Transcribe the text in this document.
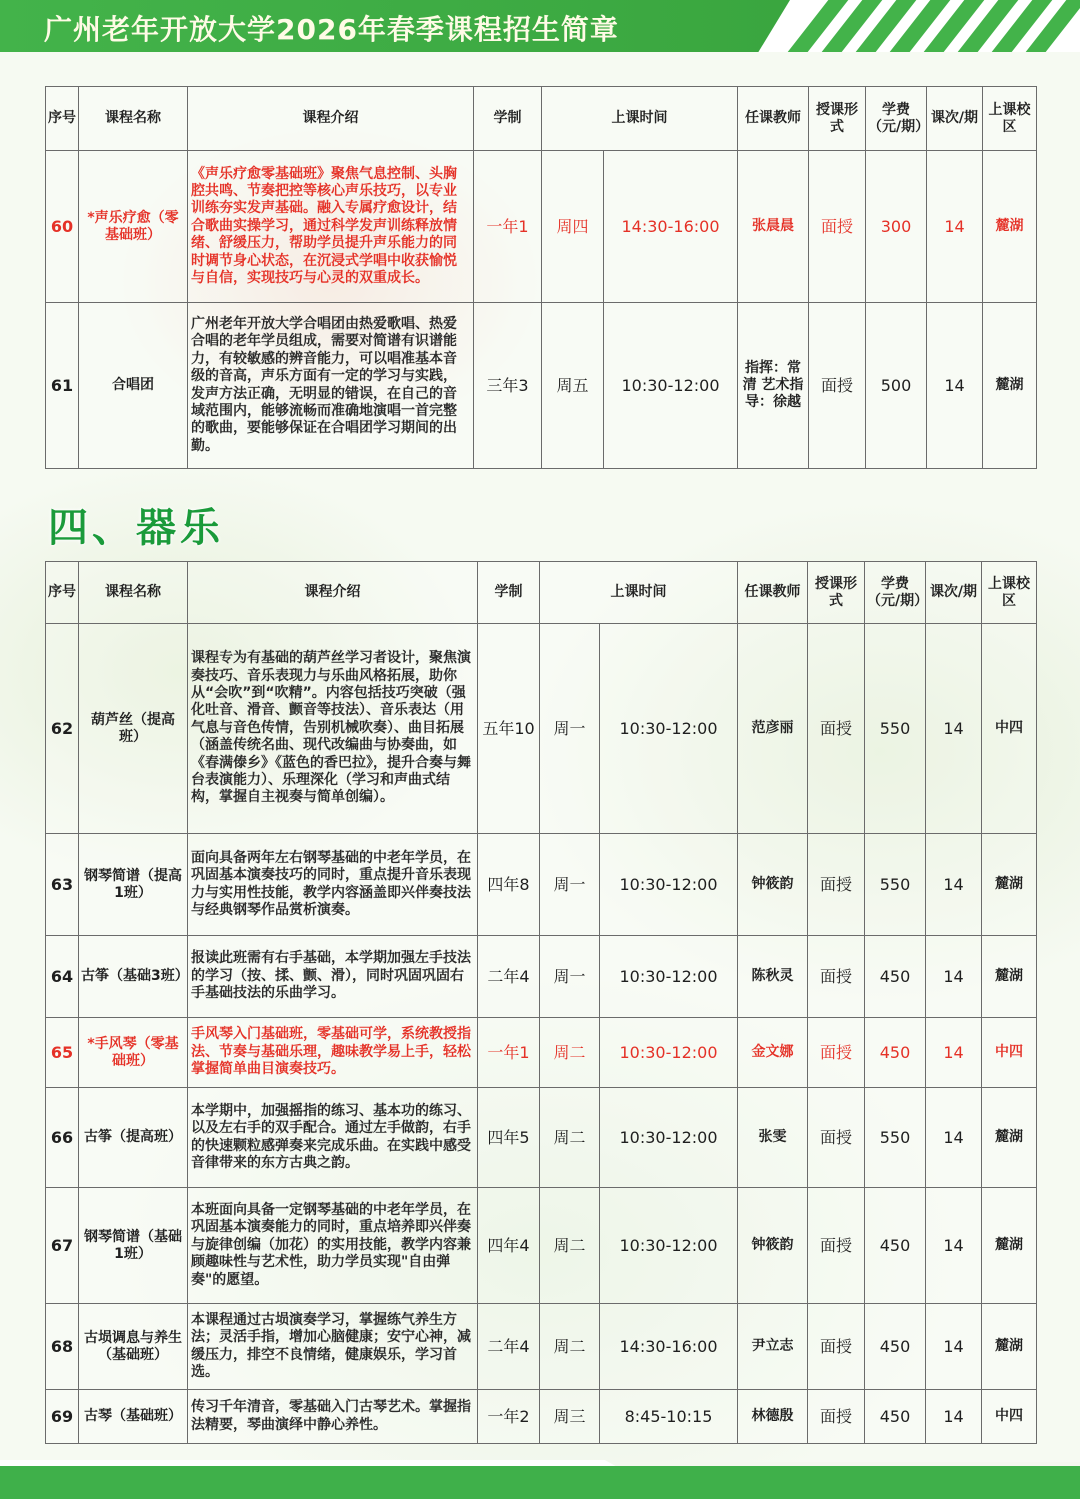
广州老年开放大学2026年春季课程招生简章
序号	课程名称	课程介绍	学制	上课时间		任课教师	授课形式	学费（元/期）	课次/期	上课校区
60	*声乐疗愈（零基础班）	《声乐疗愈零基础班》聚焦气息控制、头胸腔共鸣、节奏把控等核心声乐技巧，以专业训练夯实发声基础。融入专属疗愈设计，结合歌曲实操学习，通过科学发声训练释放情绪、舒缓压力，帮助学员提升声乐能力的同时调节身心状态，在沉浸式学唱中收获愉悦与自信，实现技巧与心灵的双重成长。	一年1	周四	14:30-16:00	张晨晨	面授	300	14	麓湖
61	合唱团	广州老年开放大学合唱团由热爱歌唱、热爱合唱的老年学员组成，需要对简谱有识谱能力，有较敏感的辨音能力，可以唱准基本音级的音高，声乐方面有一定的学习与实践，发声方法正确，无明显的错误，在自己的音域范围内，能够流畅而准确地演唱一首完整的歌曲，要能够保证在合唱团学习期间的出勤。	三年3	周五	10:30-12:00	指挥：常清 艺术指导：徐越	面授	500	14	麓湖
四、器乐
序号	课程名称	课程介绍	学制	上课时间		任课教师	授课形式	学费（元/期）	课次/期	上课校区
62	葫芦丝（提高班）	课程专为有基础的葫芦丝学习者设计，聚焦演奏技巧、音乐表现力与乐曲风格拓展，助你从“会吹”到“吹精”。内容包括技巧突破（强化吐音、滑音、颤音等技法）、音乐表达（用气息与音色传情，告别机械吹奏）、曲目拓展（涵盖传统名曲、现代改编曲与协奏曲，如《春满傣乡》《蓝色的香巴拉》，提升合奏与舞台表演能力）、乐理深化（学习和声曲式结构，掌握自主视奏与简单创编）。	五年10	周一	10:30-12:00	范彦丽	面授	550	14	中四
63	钢琴简谱（提高1班）	面向具备两年左右钢琴基础的中老年学员，在巩固基本演奏技巧的同时，重点提升音乐表现力与实用性技能，教学内容涵盖即兴伴奏技法与经典钢琴作品赏析演奏。	四年8	周一	10:30-12:00	钟筱韵	面授	550	14	麓湖
64	古筝（基础3班）	报读此班需有右手基础，本学期加强左手技法的学习（按、揉、颤、滑），同时巩固巩固右手基础技法的乐曲学习。	二年4	周一	10:30-12:00	陈秋灵	面授	450	14	麓湖
65	*手风琴（零基础班）	手风琴入门基础班，零基础可学，系统教授指法、节奏与基础乐理，趣味教学易上手，轻松掌握简单曲目演奏技巧。	一年1	周二	10:30-12:00	金文娜	面授	450	14	中四
66	古筝（提高班）	本学期中，加强摇指的练习、基本功的练习、以及左右手的双手配合。通过左手做韵，右手的快速颗粒感弹奏来完成乐曲。在实践中感受音律带来的东方古典之韵。	四年5	周二	10:30-12:00	张雯	面授	550	14	麓湖
67	钢琴简谱（基础1班）	本班面向具备一定钢琴基础的中老年学员，在巩固基本演奏能力的同时，重点培养即兴伴奏与旋律创编（加花）的实用技能，教学内容兼顾趣味性与艺术性，助力学员实现"自由弹奏"的愿望。	四年4	周二	10:30-12:00	钟筱韵	面授	450	14	麓湖
68	古埙调息与养生（基础班）	本课程通过古埙演奏学习，掌握练气养生方法；灵活手指，增加心脑健康；安宁心神，减缓压力，排空不良情绪，健康娱乐，学习首选。	二年4	周二	14:30-16:00	尹立志	面授	450	14	麓湖
69	古琴（基础班）	传习千年清音，零基础入门古琴艺术。掌握指法精要，琴曲演绎中静心养性。	一年2	周三	8:45-10:15	林德殷	面授	450	14	中四
